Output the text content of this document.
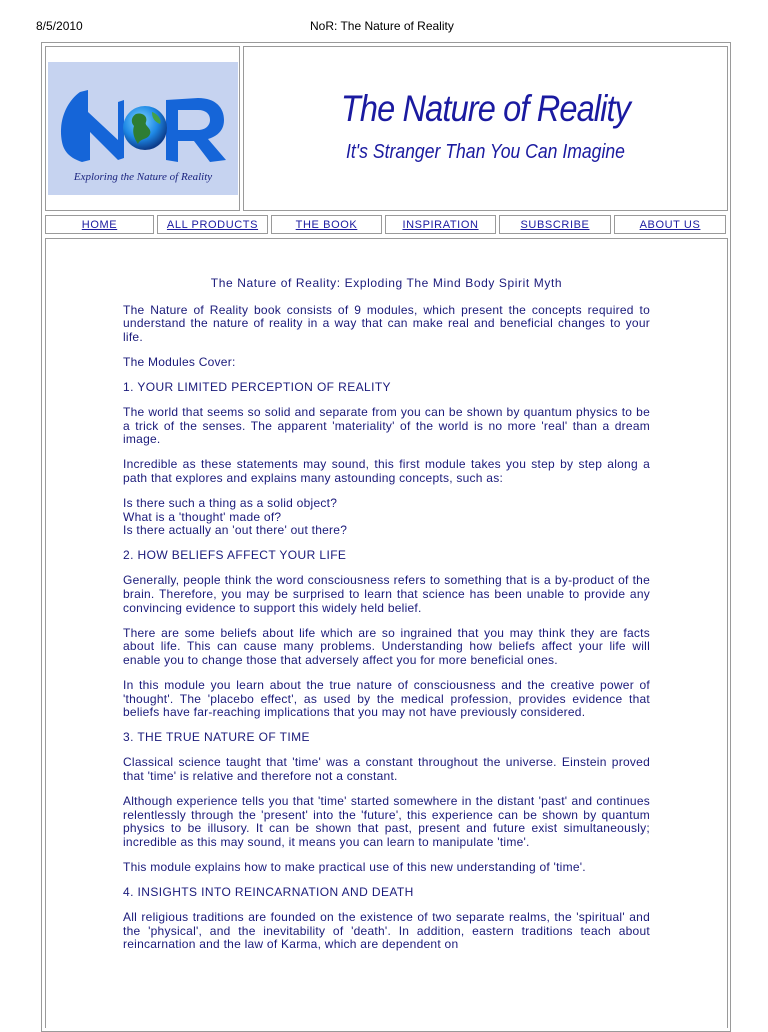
8/5/2010	NoR: The Nature of Reality
Exploring the Nature of Reality
The Nature of Reality
It's Stranger Than You Can Imagine
HOME	ALL PRODUCTS	THE BOOK	INSPIRATION	SUBSCRIBE	ABOUT US
The Nature of Reality: Exploding The Mind Body Spirit Myth

The Nature of Reality book consists of 9 modules, which present the concepts required to understand the nature of reality in a way that can make real and beneficial changes to your life.

The Modules Cover:

1. YOUR LIMITED PERCEPTION OF REALITY

The world that seems so solid and separate from you can be shown by quantum physics to be a trick of the senses. The apparent 'materiality' of the world is no more 'real' than a dream image.

Incredible as these statements may sound, this first module takes you step by step along a path that explores and explains many astounding concepts, such as:

Is there such a thing as a solid object?
What is a 'thought' made of?
Is there actually an 'out there' out there?

2. HOW BELIEFS AFFECT YOUR LIFE

Generally, people think the word consciousness refers to something that is a by-product of the brain. Therefore, you may be surprised to learn that science has been unable to provide any convincing evidence to support this widely held belief.

There are some beliefs about life which are so ingrained that you may think they are facts about life. This can cause many problems. Understanding how beliefs affect your life will enable you to change those that adversely affect you for more beneficial ones.

In this module you learn about the true nature of consciousness and the creative power of 'thought'. The 'placebo effect', as used by the medical profession, provides evidence that beliefs have far-reaching implications that you may not have previously considered.

3. THE TRUE NATURE OF TIME

Classical science taught that 'time' was a constant throughout the universe. Einstein proved that 'time' is relative and therefore not a constant.

Although experience tells you that 'time' started somewhere in the distant 'past' and continues relentlessly through the 'present' into the 'future', this experience can be shown by quantum physics to be illusory. It can be shown that past, present and future exist simultaneously; incredible as this may sound, it means you can learn to manipulate 'time'.

This module explains how to make practical use of this new understanding of 'time'.

4. INSIGHTS INTO REINCARNATION AND DEATH

All religious traditions are founded on the existence of two separate realms, the 'spiritual' and the 'physical', and the inevitability of 'death'. In addition, eastern traditions teach about reincarnation and the law of Karma, which are dependent on
